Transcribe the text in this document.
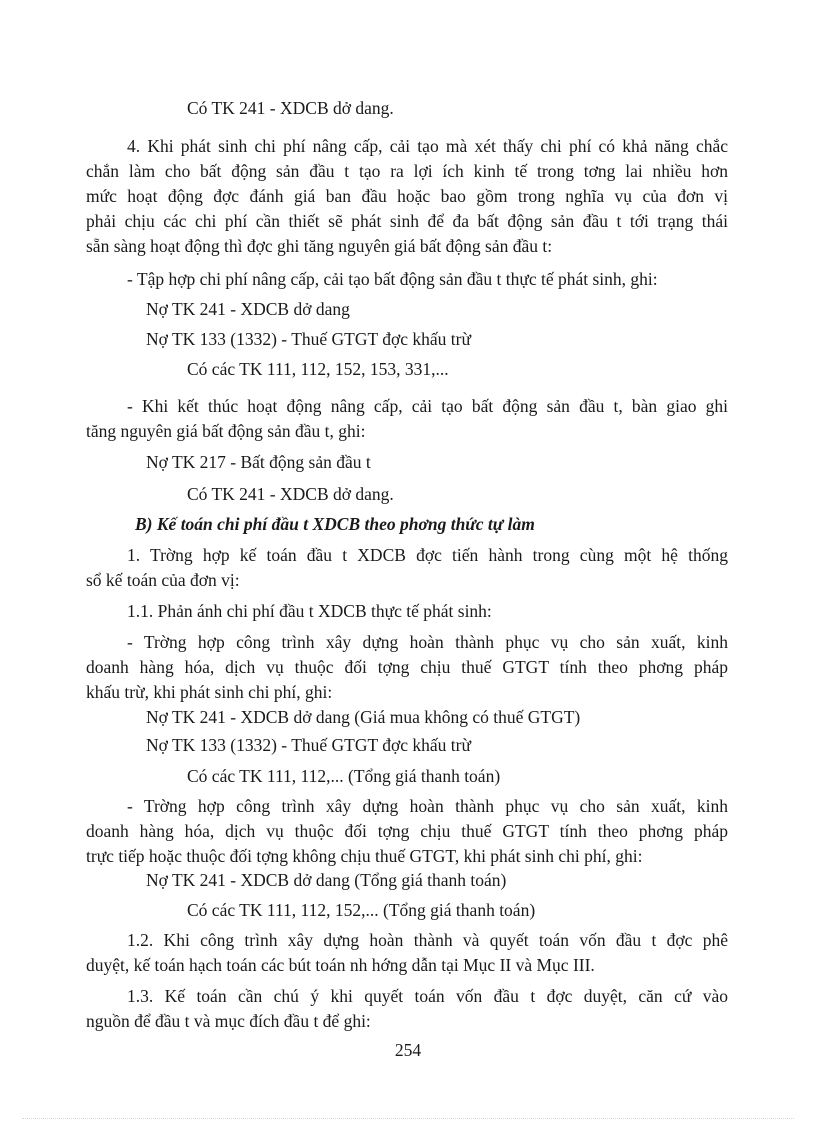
Có TK 241 - XDCB dở dang.
4. Khi phát sinh chi phí nâng cấp, cải tạo mà xét thấy chi phí có khả năng chắc
chắn làm cho bất động sản đầu t tạo ra lợi ích kinh tế trong tơng lai nhiều hơn
mức hoạt động đợc đánh giá ban đầu hoặc bao gồm trong nghĩa vụ của đơn vị
phải chịu các chi phí cần thiết sẽ phát sinh để đa bất động sản đầu t tới trạng thái
sẵn sàng hoạt động thì đợc ghi tăng nguyên giá bất động sản đầu t:
- Tập hợp chi phí nâng cấp, cải tạo bất động sản đầu t thực tế phát sinh, ghi:
Nợ TK 241 - XDCB dở dang
Nợ TK 133 (1332) - Thuế GTGT đợc khấu trừ
Có các TK 111, 112, 152, 153, 331,...
- Khi kết thúc hoạt động nâng cấp, cải tạo bất động sản đầu t, bàn giao ghi
tăng nguyên giá bất động sản đầu t, ghi:
Nợ TK 217 - Bất động sản đầu t
Có TK 241 - XDCB dở dang.
B) Kế toán chi phí đầu t XDCB theo phơng thức tự làm
1. Trờng hợp kế toán đầu t XDCB đợc tiến hành trong cùng một hệ thống
sổ kế toán của đơn vị:
1.1. Phản ánh chi phí đầu t XDCB thực tế phát sinh:
- Trờng hợp công trình xây dựng hoàn thành phục vụ cho sản xuất, kinh
doanh hàng hóa, dịch vụ thuộc đối tợng chịu thuế GTGT tính theo phơng pháp
khấu trừ, khi phát sinh chi phí, ghi:
Nợ TK 241 - XDCB dở dang (Giá mua không có thuế GTGT)
Nợ TK 133 (1332) - Thuế GTGT đợc khấu trừ
Có các TK 111, 112,... (Tổng giá thanh toán)
- Trờng hợp công trình xây dựng hoàn thành phục vụ cho sản xuất, kinh
doanh hàng hóa, dịch vụ thuộc đối tợng chịu thuế GTGT tính theo phơng pháp
trực tiếp hoặc thuộc đối tợng không chịu thuế GTGT, khi phát sinh chi phí, ghi:
Nợ TK 241 - XDCB dở dang (Tổng giá thanh toán)
Có các TK 111, 112, 152,... (Tổng giá thanh toán)
1.2. Khi công trình xây dựng hoàn thành và quyết toán vốn đầu t đợc phê
duyệt, kế toán hạch toán các bút toán nh hớng dẫn tại Mục II và Mục III.
1.3. Kế toán cần chú ý khi quyết toán vốn đầu t đợc duyệt, căn cứ vào
nguồn để đầu t và mục đích đầu t để ghi:
254
